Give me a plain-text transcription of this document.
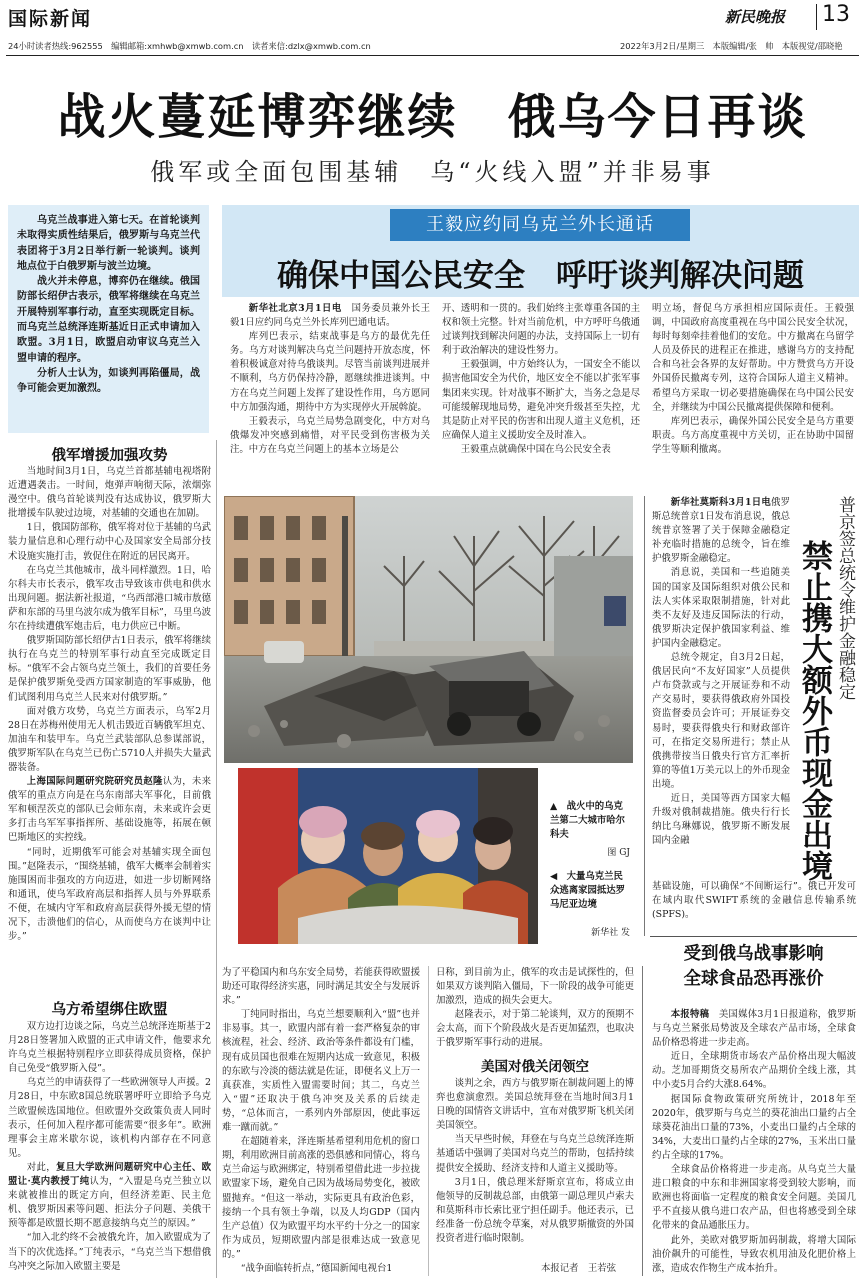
国际新闻	新民晚报 13
24小时读者热线:962555　编辑邮箱:xmhwb@xmwb.com.cn　读者来信:dzlx@xmwb.com.cn	2022年3月2日/星期三　本版编辑/张　帅　本版视觉/邵晓艳
战火蔓延博弈继续　俄乌今日再谈
俄军或全面包围基辅　乌“火线入盟”并非易事

乌克兰战事进入第七天。在首轮谈判未取得实质性结果后，俄罗斯与乌克兰代表团将于3月2日举行新一轮谈判。谈判地点位于白俄罗斯与波兰边境。

战火并未停息，博弈仍在继续。俄国防部长绍伊古表示，俄军将继续在乌克兰开展特别军事行动，直至实现既定目标。而乌克兰总统泽连斯基近日正式申请加入欧盟。3月1日，欧盟启动审议乌克兰入盟申请的程序。

分析人士认为，如谈判再陷僵局，战争可能会更加激烈。

俄军增援加强攻势

当地时间3月1日，乌克兰首都基辅电视塔附近遭遇袭击。一时间，炮弹声响彻天际，浓烟弥漫空中。俄乌首轮谈判没有达成协议，俄罗斯大批增援车队驶过边境，对基辅的交通也在加剧。

1日，俄国防部称，俄军将对位于基辅的乌武装力量信息和心理行动中心及国家安全局部分技术设施实施打击，敦促住在附近的居民离开。

在乌克兰其他城市，战斗同样激烈。1日，哈尔科夫市长表示，俄军攻击导致该市供电和供水出现问题。据法新社报道，“乌西部港口城市敖德萨和东部的马里乌波尔成为俄军目标”，马里乌波尔在持续遭俄军炮击后，电力供应已中断。

俄罗斯国防部长绍伊古1日表示，俄军将继续执行在乌克兰的特别军事行动直至完成既定目标。“俄军不会占领乌克兰领土，我们的首要任务是保护俄罗斯免受西方国家制造的军事威胁，他们试图利用乌克兰人民来对付俄罗斯。”

面对俄方攻势，乌克兰方面表示，乌军2月28日在苏梅州使用无人机击毁近百辆俄军坦克、加油车和装甲车。乌克兰武装部队总参谋部说，俄罗斯军队在乌克兰已伤亡5710人并损失大量武器装备。

上海国际问题研究院研究员赵隆认为，未来俄军的重点方向是在乌东南部夫军事化，目前俄军和顿涅茨克的部队已会师东南，未来或许会更多打击乌军军事指挥所、基础设施等，拓展在顿巴斯地区的实控线。

“同时，近期俄军可能会对基辅实现全面包围。”赵隆表示，“围绕基辅，俄军大概率会制着实施围困而非强攻的方向迈进，如进一步切断网络和通讯，使乌军政府高层和指挥人员与外界联系不便，在城内守军和政府高层获得外援无望的情况下，击溃他们的信心，从而使乌方在谈判中让步。”

乌方希望绑住欧盟

双方边打边谈之际，乌克兰总统泽连斯基于2月28日签署加入欧盟的正式申请文件，他要求允许乌克兰根据特别程序立即获得成员资格，保护自己免受“俄罗斯入侵”。

乌克兰的申请获得了一些欧洲领导人声援。2月28日，中东欧8国总统联署呼吁立即给予乌克兰欧盟候选国地位。但欧盟外交政策负责人同时表示，任何加入程序都可能需要“很多年”。欧洲理事会主席米歇尔说，该机构内部存在不同意见。

对此，复旦大学欧洲问题研究中心主任、欧盟让·莫内教授丁纯认为，“入盟是乌克兰独立以来就被推出的既定方向，但经济差距、民主危机、俄罗斯因素等问题、拒法分子问题、美俄干预等都是欧盟长期不愿意接纳乌克兰的原因。”

“加入北约终不会被俄允许，加入欧盟成为了当下的次优选择。”丁纯表示，“乌克兰当下想借俄乌冲突之际加入欧盟主要是

王毅应约同乌克兰外长通话
确保中国公民安全　呼吁谈判解决问题

新华社北京3月1日电　 国务委员兼外长王毅1日应约同乌克兰外长库列巴通电话。

库列巴表示，结束战事是乌方的最优先任务。乌方对谈判解决乌克兰问题持开放态度，怀着积极诚意对待乌俄谈判。尽管当前谈判进展并不顺利，乌方仍保持冷静，愿继续推进谈判。中方在乌克兰问题上发挥了建设性作用，乌方愿同中方加强沟通，期待中方为实现停火开展斡旋。

王毅表示，乌克兰局势急剧变化，中方对乌俄爆发冲突感到痛惜，对平民受到伤害极为关注。中方在乌克兰问题上的基本立场是公

开、透明和一贯的。我们始终主张尊重各国的主权和领土完整。针对当前危机，中方呼吁乌俄通过谈判找到解决问题的办法，支持国际上一切有利于政治解决的建设性努力。

王毅强调，中方始终认为，一国安全不能以损害他国安全为代价，地区安全不能以扩张军事集团来实现。针对战事不断扩大，当务之急是尽可能缓解现地局势，避免冲突升级甚至失控，尤其是防止对平民的伤害和出现人道主义危机，还应确保人道主义援助安全及时准入。

王毅重点就确保中国在乌公民安全表

明立场，督促乌方承担相应国际责任。王毅强调，中国政府高度重视在乌中国公民安全状况，每时每刻牵挂着他们的安危。中方撤离在乌留学人员及侨民的进程正在推进，感谢乌方的支持配合和乌社会各界的友好帮助。中方赞赏乌方开设外国侨民撤离专列，这符合国际人道主义精神。希望乌方采取一切必要措施确保在乌中国公民安全，并继续为中国公民撤离提供保障和便利。

库列巴表示，确保外国公民安全是乌方重要职责。乌方高度重视中方关切，正在协助中国留学生等顺利撤离。

▲　战火中的乌克兰第二大城市哈尔科夫
图 GJ
◀　大量乌克兰民众逃离家园抵达罗马尼亚边境
新华社 发

为了平稳国内和乌东安全局势，若能获得欧盟援助还可取得经济实惠，同时满足其安全与发展诉求。”

丁纯同时指出，乌克兰想要顺利入“盟”也并非易事。其一，欧盟内部有着一套严格复杂的审核流程，社会、经济、政治等条件都设有门槛，现有成员国也很难在短期内达成一致意见，积极的东欧与冷淡的德法就是佐证，即便名义上万一真获准，实质性入盟需要时间；其二，乌克兰入“盟”还取决于俄乌冲突及关系的后续走势，“总体而言，一系列内外部原因，使此事远难一蹴而就。”

在超随着来，泽连斯基希望利用危机的窗口期，利用欧洲目前高涨的恐俱感和同情心，将乌克兰命运与欧洲绑定，特别希望借此进一步拉拢欧盟家下场，避免自己因为战场局势变化，被欧盟抛弃。“但这一举动，实际更具有政治色彩，接纳一个具有领土争端，以及人均GDP（国内生产总值）仅为欧盟平均水平约十分之一的国家作为成员，短期欧盟内部是很难达成一致意见的。”

“战争面临转折点，”德国新闻电视台1

日称，到目前为止，俄军的攻击是试探性的，但如果双方谈判陷入僵局，下一阶段的战争可能更加激烈，造成的损失会更大。

赵隆表示，对于第二轮谈判，双方的预期不会太高，而下个阶段战火是否更加猛烈，也取决于俄罗斯军事行动的进展。

美国对俄关闭领空

谈判之余，西方与俄罗斯在制裁问题上的博弈也愈演愈烈。美国总统拜登在当地时间3月1日晚的国情咨文讲话中，宣布对俄罗斯飞机关闭美国领空。

当天早些时候，拜登在与乌克兰总统泽连斯基通话中强调了美国对乌克兰的帮助，包括持续提供安全援助、经济支持和人道主义援助等。

3月1日，俄总理米舒斯京宣布，将成立由他领导的反制裁总部，由俄第一副总理贝卢索夫和莫斯科市长索比亚宁担任副手。他还表示，已经准备一份总统令草案，对从俄罗斯撤资的外国投资者进行临时限制。

本报记者　王若弦

新华社莫斯科3月1日电俄罗斯总统普京1日发布消息说，俄总统普京签署了关于保障金融稳定补充临时措施的总统令，旨在维护俄罗斯金融稳定。

消息说，美国和一些追随美国的国家及国际组织对俄公民和法人实体采取限制措施，针对此类不友好及违反国际法的行动，俄罗斯决定保护俄国家利益、维护国内金融稳定。

总统令规定，自3月2日起，俄居民向“不友好国家”人员提供卢布贷款或与之开展证券和不动产交易时，要获得俄政府外国投资监督委员会许可；开展证券交易时，要获得俄央行和财政部许可，在指定交易所进行；禁止从俄携带按当日俄央行官方汇率折算的等值1万美元以上的外币现金出境。

近日，美国等西方国家大幅升级对俄制裁措施。俄央行行长纳比乌琳娜说，俄罗斯不断发展国内金融	禁止携大额外币现金出境 普京签总统令维护金融稳定

基础设施，可以确保“不间断运行”。俄已开发可在域内取代SWIFT系统的金融信息传输系统(SPFS)。

受到俄乌战事影响
全球食品恐再涨价

本报特稿　 美国媒体3月1日报道称，俄罗斯与乌克兰紧张局势波及全球农产品市场，全球食品价格恐将进一步走高。

近日，全球期货市场农产品价格出现大幅波动。芝加哥期货交易所农产品期价全线上涨，其中小麦5月合约大涨8.64%。

据国际食物政策研究所统计，2018年至2020年，俄罗斯与乌克兰的葵花油出口量约占全球葵花油出口量的73%，小麦出口量约占全球的34%，大麦出口量约占全球的27%，玉米出口量约占全球的17%。

全球食品价格将进一步走高。从乌克兰大量进口粮食的中东和非洲国家将受到较大影响，而欧洲也将面临一定程度的粮食安全问题。美国几乎不直接从俄乌进口农产品，但也将感受到全球化带来的食品通胀压力。

此外，美欧对俄罗斯加码制裁，将增大国际油价飙升的可能性，导致农机用油及化肥价格上涨，造成农作物生产成本抬升。
